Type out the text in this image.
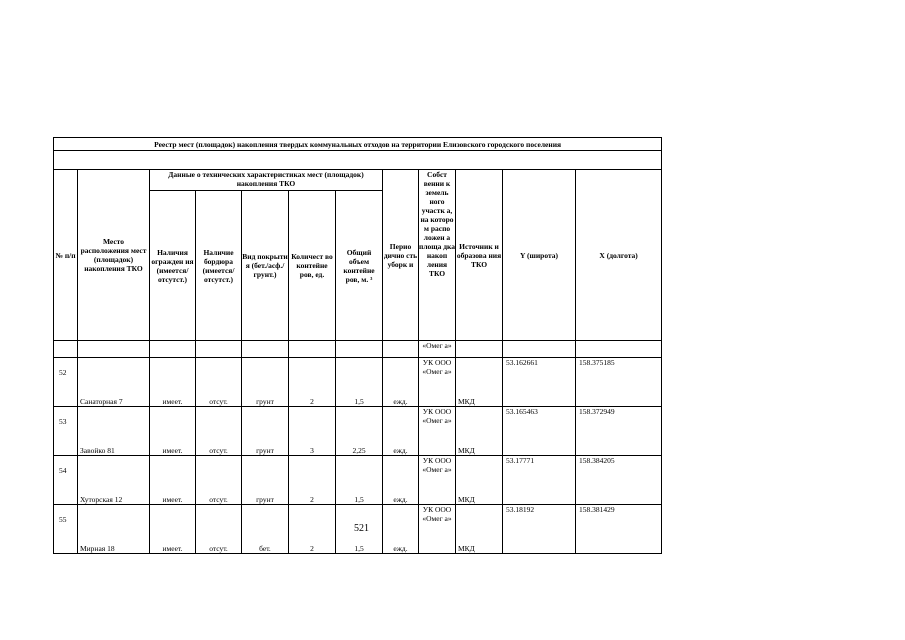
Реестр мест (площадок) накопления твердых коммунальных отходов на территории Елизовского городского поселения											

№ п/п	Место расположения мест (площадок) накопления ТКО	Данные о технических характеристиках мест (площадок) накопления ТКО					Перио дично сть уборк и	Собст венни к земель ного участк а, на которо м распо ложен а площа дка накоп ления ТКО	Источник и образова ния ТКО	Y (широта)	X (долгота)
		Наличия огражден ия (имеется/ отсутст.)	Наличие бордюра (имеется/ отсутст.)	Вид покрыти я (бет./асф./ грунт.)	Количест во контейне ров, ед.	Общий объем контейне ров, м. ³					
								«Омег а»			
52	Санаторная 7	имеет.	отсут.	грунт	2	1,5	ежд.	УК ООО «Омег а»	МКД	53.162661	158.375185
53	Завойко 81	имеет.	отсут.	грунт	3	2,25	ежд.	УК ООО «Омег а»	МКД	53.165463	158.372949
54	Хуторская 12	имеет.	отсут.	грунт	2	1,5	ежд.	УК ООО «Омег а»	МКД	53.17771	158.384205
55	Мирная 18	имеет.	отсут.	бет.	2	1,5	ежд.	УК ООО «Омег а»	МКД	53.18192	158.381429
521
